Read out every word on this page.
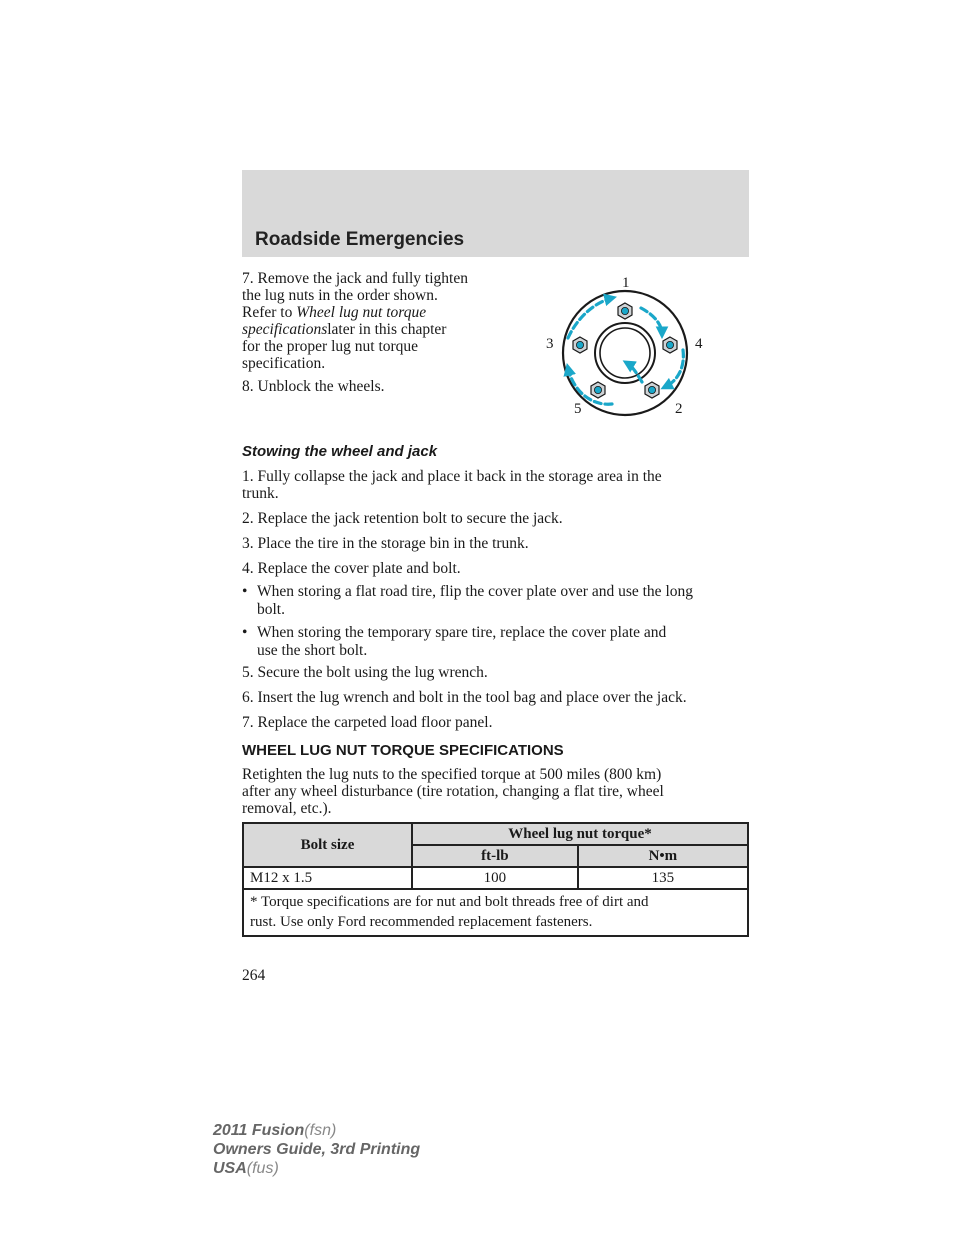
Roadside Emergencies
7. Remove the jack and fully tighten
the lug nuts in the order shown.
Refer to Wheel lug nut torque
specificationslater in this chapter
for the proper lug nut torque
specification.
8. Unblock the wheels.
1
2
3	4
5
Stowing the wheel and jack
1. Fully collapse the jack and place it back in the storage area in the
trunk.
2. Replace the jack retention bolt to secure the jack.
3. Place the tire in the storage bin in the trunk.
4. Replace the cover plate and bolt.
• When storing a flat road tire, flip the cover plate over and use the long
bolt.
• When storing the temporary spare tire, replace the cover plate and
use the short bolt.
5. Secure the bolt using the lug wrench.
6. Insert the lug wrench and bolt in the tool bag and place over the jack.
7. Replace the carpeted load floor panel.
WHEEL LUG NUT TORQUE SPECIFICATIONS
Retighten the lug nuts to the specified torque at 500 miles (800 km)
after any wheel disturbance (tire rotation, changing a flat tire, wheel
removal, etc.).
Bolt size	Wheel lug nut torque*	
	ft-lb	N•m
M12 x 1.5	100	135

* Torque specifications are for nut and bolt threads free of dirt and
rust. Use only Ford recommended replacement fasteners.		
264
2011 Fusion(fsn)
Owners Guide, 3rd Printing
USA(fus)
